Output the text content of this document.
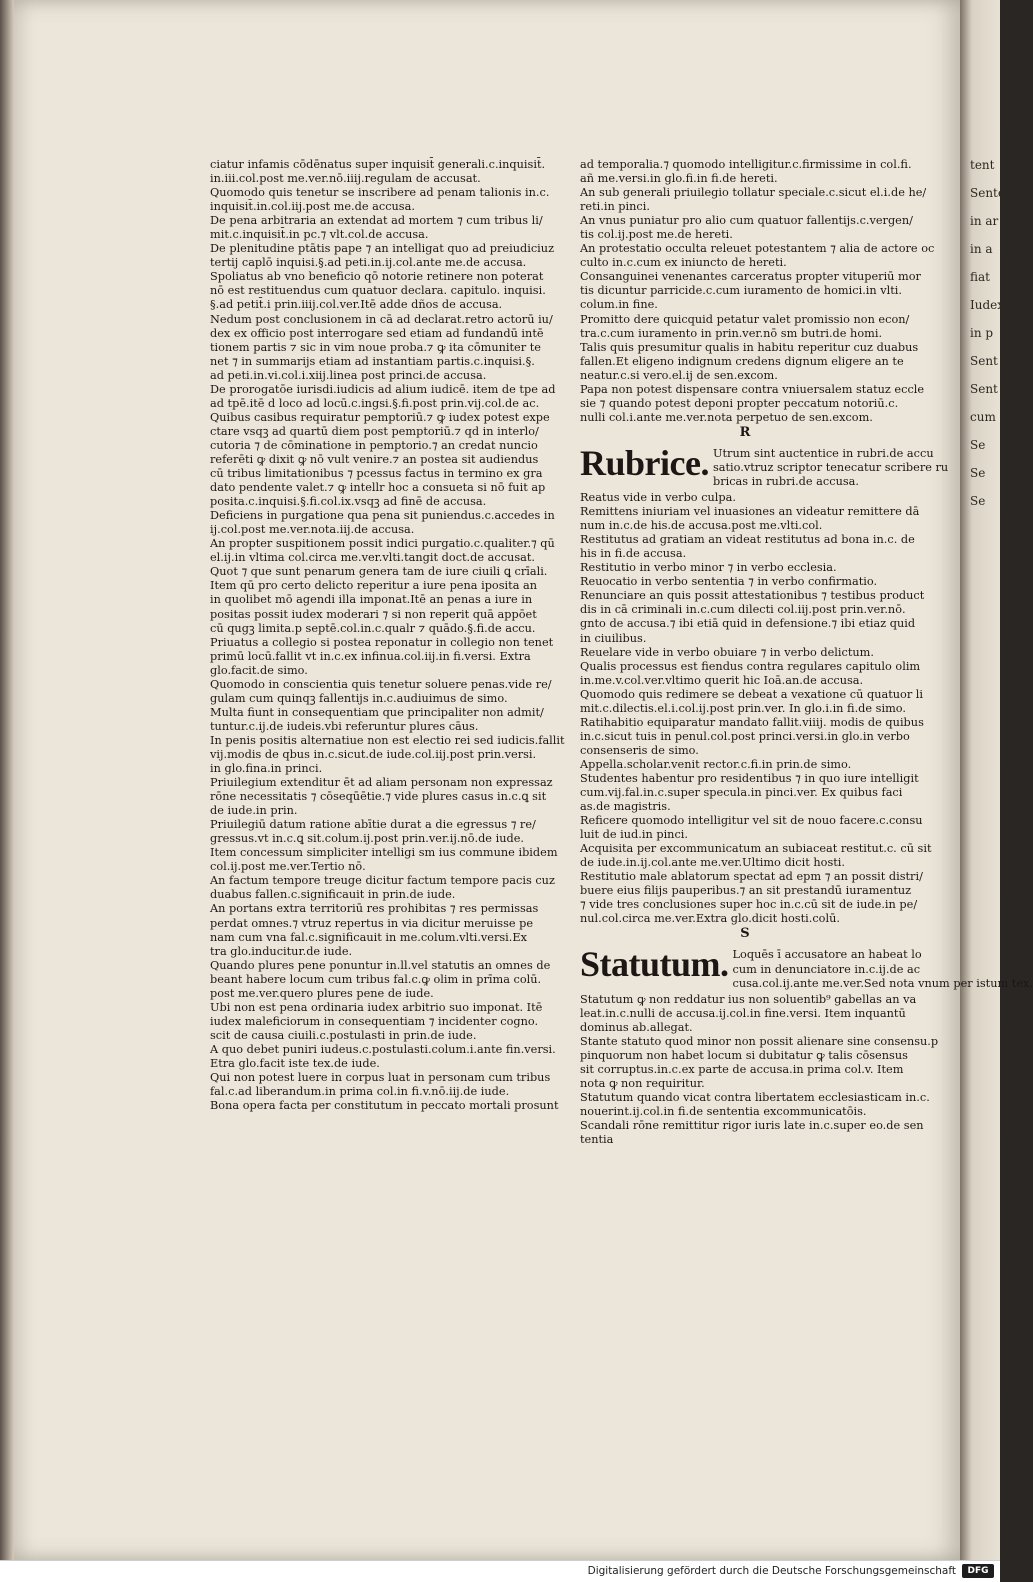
tent
Sente
in ar
in a
fiat
Iudex
in p
Sent
Sent
cum
Se
Se
Se
ciatur infamis cōdēnatus super inquisit̄ generali.c.inquisit̄.
in.iii.col.post me.ver.nō.iiij.regulam de accusat.
Quomodo quis tenetur se inscribere ad penam talionis in.c.
inquisit̄.in.col.iij.post me.de accusa.
De pena arbitraria an extendat ad mortem ⁊ cum tribus li/
mit.c.inquisit̄.in pc.⁊ vlt.col.de accusa.
De plenitudine ptātis pape ⁊ an intelligat quo ad preiudiciuz
tertij caplō inquisi.§.ad peti.in.ij.col.ante me.de accusa.
Spoliatus ab vno beneficio qō notorie retinere non poterat
nō est restituendus cum quatuor declara. capitulo. inquisi.
§.ad petit̄.i prin.iiij.col.ver.Itē adde dños de accusa.
Nedum post conclusionem in cā ad declarat.retro actorū iu/
dex ex officio post interrogare sed etiam ad fundandū intē
tionem partis ⁊ sic in vim noue proba.⁊ ꝙ ita cōmuniter te
net ⁊ in summarijs etiam ad instantiam partis.c.inquisi.§.
ad peti.in.vi.col.i.xiij.linea post princi.de accusa.
De prorogatōe iurisdi.iudicis ad alium iudicē. item de tpe ad
ad tpē.itē d loco ad locū.c.ingsi.§.fi.post prin.vij.col.de ac.
Quibus casibus requiratur pemptoriū.⁊ ꝙ iudex potest expe
ctare vsqꝫ ad quartū diem post pemptoriū.⁊ qd in interlo/
cutoria ⁊ de cōminatione in pemptorio.⁊ an credat nuncio
referēti ꝙ dixit ꝙ nō vult venire.⁊ an postea sit audiendus
cū tribus limitationibus ⁊ pcessus factus in termino ex gra
dato pendente valet.⁊ ꝙ intellr hoc a consueta si nō fuit ap
posita.c.inquisi.§.fi.col.ix.vsqꝫ ad finē de accusa.
Deficiens in purgatione qua pena sit puniendus.c.accedes in
ij.col.post me.ver.nota.iij.de accusa.
An propter suspitionem possit indici purgatio.c.qualiter.⁊ qū
el.ij.in vltima col.circa me.ver.vlti.tangit doct.de accusat.
Quot ⁊ que sunt penarum genera tam de iure ciuili ꝗ crīali.
Item qū pro certo delicto reperitur a iure pena iposita an
in quolibet mō agendi illa imponat.Itē an penas a iure in
positas possit iudex moderari ⁊ si non reperit quā appōet
cū qugꝫ limita.p septē.col.in.c.qualr ⁊ quādo.§.fi.de accu.
Priuatus a collegio si postea reponatur in collegio non tenet
primū locū.fallit vt in.c.ex infinua.col.iij.in fi.versi. Extra
glo.facit.de simo.
Quomodo in conscientia quis tenetur soluere penas.vide re/
gulam cum quinqꝫ fallentijs in.c.audiuimus de simo.
Multa fiunt in consequentiam que principaliter non admit/
tuntur.c.ij.de iudeis.vbi referuntur plures cāus.
In penis positis alternatiue non est electio rei sed iudicis.fallit
vij.modis de qbus in.c.sicut.de iude.col.iij.post prin.versi.
in glo.fina.in princi.
Priuilegium extenditur ēt ad aliam personam non expressaz
rōne necessitatis ⁊ cōseqūētie.⁊ vide plures casus in.c.ꝗ sit
de iude.in prin.
Priuilegiū datum ratione abītie durat a die egressus ⁊ re/
gressus.vt in.c.ꝗ sit.colum.ij.post prin.ver.ij.nō.de iude.
Item concessum simpliciter intelligi sm ius commune ibidem
col.ij.post me.ver.Tertio nō.
An factum tempore treuge dicitur factum tempore pacis cuz
duabus fallen.c.significauit in prin.de iude.
An portans extra territoriū res prohibitas ⁊ res permissas
perdat omnes.⁊ vtruz repertus in via dicitur meruisse pe
nam cum vna fal.c.significauit in me.colum.vlti.versi.Ex
tra glo.inducitur.de iude.
Quando plures pene ponuntur in.ll.vel statutis an omnes de
beant habere locum cum tribus fal.c.ꝙ olim in prīma colū.
post me.ver.quero plures pene de iude.
Ubi non est pena ordinaria iudex arbitrio suo imponat. Itē
iudex maleficiorum in consequentiam ⁊ incidenter cogno.
scit de causa ciuili.c.postulasti in prin.de iude.
A quo debet puniri iudeus.c.postulasti.colum.i.ante fin.versi.
Etra glo.facit iste tex.de iude.
Qui non potest luere in corpus luat in personam cum tribus
fal.c.ad liberandum.in prima col.in fi.v.nō.iij.de iude.
Bona opera facta per constitutum in peccato mortali prosunt
ad temporalia.⁊ quomodo intelligitur.c.firmissime in col.fi.
añ me.versi.in glo.fi.in fi.de hereti.
An sub generali priuilegio tollatur speciale.c.sicut el.i.de he/
reti.in pinci.
An vnus puniatur pro alio cum quatuor fallentijs.c.vergen/
tis col.ij.post me.de hereti.
An protestatio occulta releuet potestantem ⁊ alia de actore oc
culto in.c.cum ex iniuncto de hereti.
Consanguinei venenantes carceratus propter vituperiū mor
tis dicuntur parricide.c.cum iuramento de homici.in vlti.
colum.in fine.
Promitto dere quicquid petatur valet promissio non econ/
tra.c.cum iuramento in prin.ver.nō sm butri.de homi.
Talis quis presumitur qualis in habitu reperitur cuz duabus
fallen.Et eligeno indignum credens dignum eligere an te
neatur.c.si vero.el.ij de sen.excom.
Papa non potest dispensare contra vniuersalem statuz eccle
sie ⁊ quando potest deponi propter peccatum notoriū.c.
nulli col.i.ante me.ver.nota perpetuo de sen.excom.
R
Rubrice. Utrum sint auctentice in rubri.de accu
satio.vtruz scriptor tenecatur scribere ru
bricas in rubri.de accusa.
Reatus vide in verbo culpa.
Remittens iniuriam vel inuasiones an videatur remittere dā
num in.c.de his.de accusa.post me.vlti.col.
Restitutus ad gratiam an videat restitutus ad bona in.c. de
his in fi.de accusa.
Restitutio in verbo minor ⁊ in verbo ecclesia.
Reuocatio in verbo sententia ⁊ in verbo confirmatio.
Renunciare an quis possit attestationibus ⁊ testibus product
dis in cā criminali in.c.cum dilecti col.iij.post prin.ver.nō.
gnto de accusa.⁊ ibi etiā quid in defensione.⁊ ibi etiaz quid
in ciuilibus.
Reuelare vide in verbo obuiare ⁊ in verbo delictum.
Qualis processus est fiendus contra regulares capitulo olim
in.me.v.col.ver.vltimo querit hic Ioā.an.de accusa.
Quomodo quis redimere se debeat a vexatione cū quatuor li
mit.c.dilectis.el.i.col.ij.post prin.ver. In glo.i.in fi.de simo.
Ratihabitio equiparatur mandato fallit.viiij. modis de quibus
in.c.sicut tuis in penul.col.post princi.versi.in glo.in verbo
consenseris de simo.
Appella.scholar.venit rector.c.fi.in prin.de simo.
Studentes habentur pro residentibus ⁊ in quo iure intelligit
cum.vij.fal.in.c.super specula.in pinci.ver. Ex quibus faci
as.de magistris.
Reficere quomodo intelligitur vel sit de nouo facere.c.consu
luit de iud.in pinci.
Acquisita per excommunicatum an subiaceat restitut.c. cū sit
de iude.in.ij.col.ante me.ver.Ultimo dicit hosti.
Restitutio male ablatorum spectat ad epm ⁊ an possit distri/
buere eius filijs pauperibus.⁊ an sit prestandū iuramentuz
⁊ vide tres conclusiones super hoc in.c.cū sit de iude.in pe/
nul.col.circa me.ver.Extra glo.dicit hosti.colū.
S
Statutum. Loquēs ī accusatore an habeat lo
cum in denunciatore in.c.ij.de ac
cusa.col.ij.ante me.ver.Sed nota vnum per istum tex.
Statutum ꝙ non reddatur ius non soluentib⁹ gabellas an va
leat.in.c.nulli de accusa.ij.col.in fine.versi. Item inquantū
dominus ab.allegat.
Stante statuto quod minor non possit alienare sine consensu.p
pinquorum non habet locum si dubitatur ꝙ talis cōsensus
sit corruptus.in.c.ex parte de accusa.in prima col.v. Item
nota ꝙ non requiritur.
Statutum quando vicat contra libertatem ecclesiasticam in.c.
nouerint.ij.col.in fi.de sententia excommunicatōis.
Scandali rōne remittitur rigor iuris late in.c.super eo.de sen
tentia
Digitalisierung gefördert durch die Deutsche Forschungsgemeinschaft	DFG
